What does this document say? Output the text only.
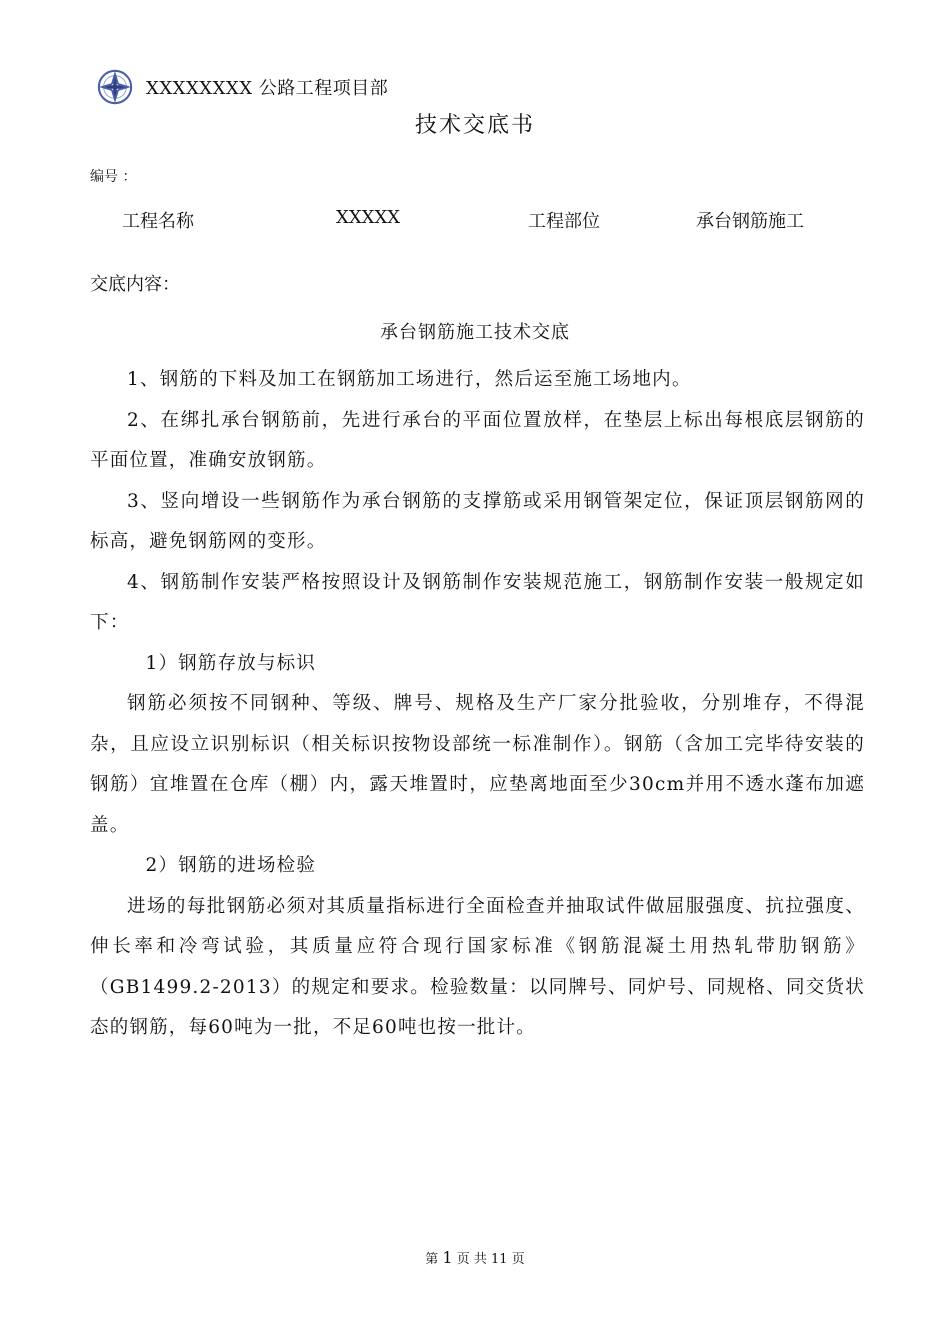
XXXXXXXX 公路工程项目部
技术交底书
编号 ：
工程名称	XXXXX	工程部位	承台钢筋施工
交底内容：
承台钢筋施工技术交底

1、钢筋的下料及加工在钢筋加工场进行，然后运至施工场地内。

2、在绑扎承台钢筋前，先进行承台的平面位置放样，在垫层上标出每根底层钢筋的平面位置，准确安放钢筋。

3、竖向增设一些钢筋作为承台钢筋的支撑筋或采用钢管架定位，保证顶层钢筋网的标高，避免钢筋网的变形。

4、钢筋制作安装严格按照设计及钢筋制作安装规范施工，钢筋制作安装一般规定如下：

1）钢筋存放与标识

钢筋必须按不同钢种、等级、牌号、规格及生产厂家分批验收，分别堆存，不得混杂，且应设立识别标识（相关标识按物设部统一标准制作）。钢筋（含加工完毕待安装的钢筋）宜堆置在仓库（棚）内，露天堆置时，应垫离地面至少30cm并用不透水蓬布加遮盖。

2）钢筋的进场检验

进场的每批钢筋必须对其质量指标进行全面检查并抽取试件做屈服强度、抗拉强度、伸长率和冷弯试验，其质量应符合现行国家标准《钢筋混凝土用热轧带肋钢筋》（GB1499.2-2013）的规定和要求。检验数量：以同牌号、同炉号、同规格、同交货状态的钢筋，每60吨为一批，不足60吨也按一批计。

第 1 页 共 11 页
